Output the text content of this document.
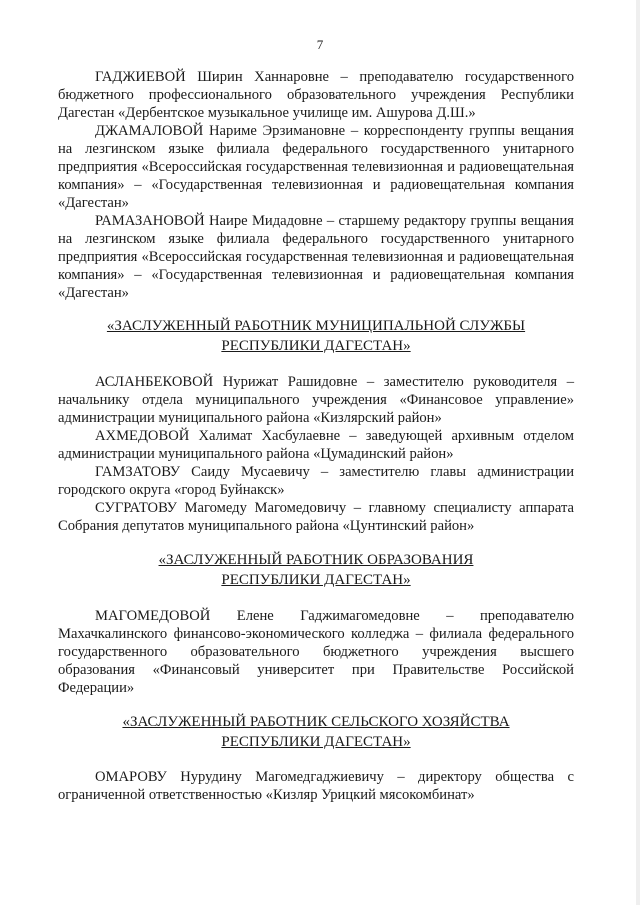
7

ГАДЖИЕВОЙ Ширин Ханнаровне – преподавателю государственного бюджетного профессионального образовательного учреждения Республики Дагестан «Дербентское музыкальное училище им. Ашурова Д.Ш.»

ДЖАМАЛОВОЙ Нариме Эрзимановне – корреспонденту группы вещания на лезгинском языке филиала федерального государственного унитарного предприятия «Всероссийская государственная телевизионная и радиовещательная компания» – «Государственная телевизионная и радиовещательная компания «Дагестан»

РАМАЗАНОВОЙ Наире Мидадовне – старшему редактору группы вещания на лезгинском языке филиала федерального государственного унитарного предприятия «Всероссийская государственная телевизионная и радиовещательная компания» – «Государственная телевизионная и радиовещательная компания «Дагестан»

«ЗАСЛУЖЕННЫЙ РАБОТНИК МУНИЦИПАЛЬНОЙ СЛУЖБЫ
РЕСПУБЛИКИ ДАГЕСТАН»

АСЛАНБЕКОВОЙ Нурижат Рашидовне – заместителю руководителя – начальнику отдела муниципального учреждения «Финансовое управление» администрации муниципального района «Кизлярский район»

АХМЕДОВОЙ Халимат Хасбулаевне – заведующей архивным отделом администрации муниципального района «Цумадинский район»

ГАМЗАТОВУ Саиду Мусаевичу – заместителю главы администрации городского округа «город Буйнакск»

СУГРАТОВУ Магомеду Магомедовичу – главному специалисту аппарата Собрания депутатов муниципального района «Цунтинский район»

«ЗАСЛУЖЕННЫЙ РАБОТНИК ОБРАЗОВАНИЯ
РЕСПУБЛИКИ ДАГЕСТАН»

МАГОМЕДОВОЙ Елене Гаджимагомедовне – преподавателю Махачкалинского финансово-экономического колледжа – филиала федерального государственного образовательного бюджетного учреждения высшего образования «Финансовый университет при Правительстве Российской Федерации»

«ЗАСЛУЖЕННЫЙ РАБОТНИК СЕЛЬСКОГО ХОЗЯЙСТВА
РЕСПУБЛИКИ ДАГЕСТАН»

ОМАРОВУ Нурудину Магомедгаджиевичу – директору общества с ограниченной ответственностью «Кизляр Урицкий мясокомбинат»
